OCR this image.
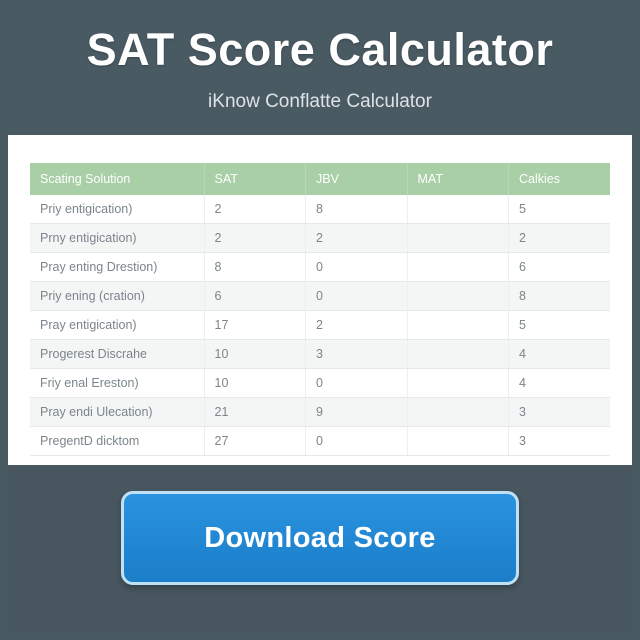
SAT Score Calculator
iKnow Conflatte Calculator
Scating Solution	SAT	JBV	MAT	Calkies
Priy entigication)	2	8		5
Prny entigication)	2	2		2
Pray enting Drestion)	8	0		6
Priy ening (cration)	6	0		8
Pray entigication)	17	2		5
Progerest Discrahe	10	3		4
Friy enal Ereston)	10	0		4
Pray endi Ulecation)	21	9		3
PregentD dicktom	27	0		3
Download Score
